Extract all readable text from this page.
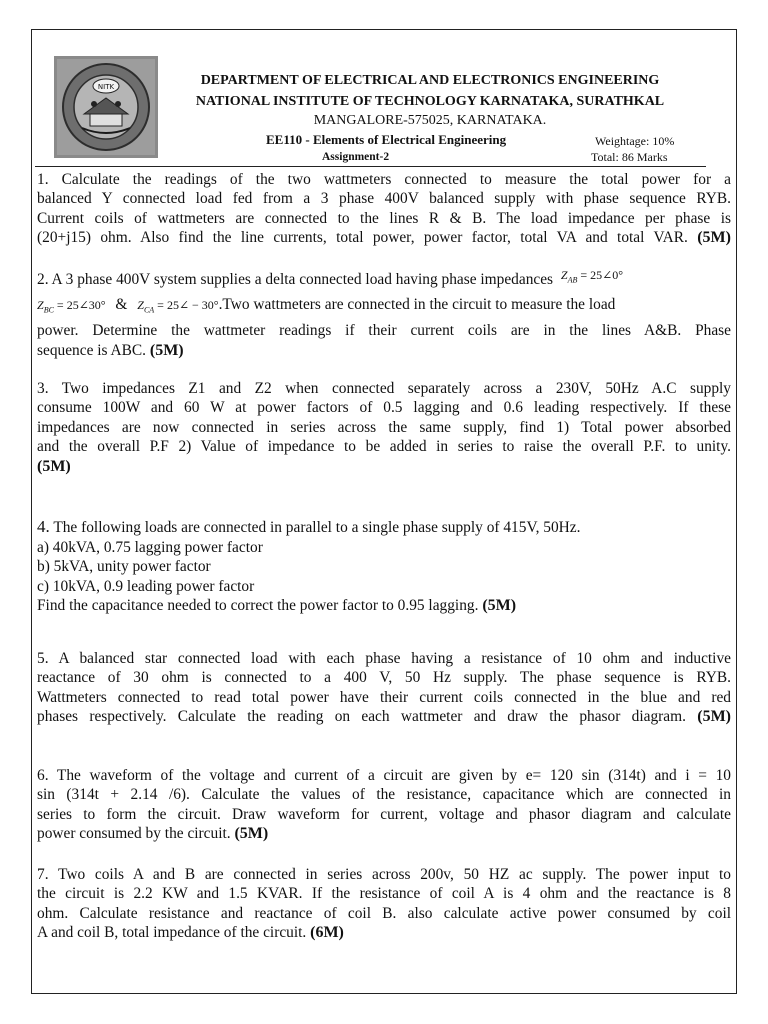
NITK	DEPARTMENT OF ELECTRICAL AND ELECTRONICS ENGINEERING
NATIONAL INSTITUTE OF TECHNOLOGY KARNATAKA, SURATHKAL
MANGALORE-575025, KARNATAKA.
EE110 - Elements of Electrical Engineering
Assignment-2
Weightage: 10%
Total: 86 Marks
1. Calculate the readings of the two wattmeters connected to measure the total power for a
balanced Y connected load fed from a 3 phase 400V balanced supply with phase sequence RYB.
Current coils of wattmeters are connected to the lines R & B. The load impedance per phase is
(20+j15) ohm. Also find the line currents, total power, power factor, total VA and total VAR. (5M)
2. A 3 phase 400V system supplies a delta connected load having phase impedances $^{Z_{AB} = 25\angle 0^\circ}$
$Z_{BC}$ = 25∠30° & $Z_{CA}$ = 25∠ − 30°.Two wattmeters are connected in the circuit to measure the load
power. Determine the wattmeter readings if their current coils are in the lines A&B. Phase
sequence is ABC. (5M)
3. Two impedances Z1 and Z2 when connected separately across a 230V, 50Hz A.C supply
consume 100W and 60 W at power factors of 0.5 lagging and 0.6 leading respectively. If these
impedances are now connected in series across the same supply, find 1) Total power absorbed
and the overall P.F 2) Value of impedance to be added in series to raise the overall P.F. to unity.
(5M)
4. The following loads are connected in parallel to a single phase supply of 415V, 50Hz.
a) 40kVA, 0.75 lagging power factor
b) 5kVA, unity power factor
c) 10kVA, 0.9 leading power factor
Find the capacitance needed to correct the power factor to 0.95 lagging. (5M)
5. A balanced star connected load with each phase having a resistance of 10 ohm and inductive
reactance of 30 ohm is connected to a 400 V, 50 Hz supply. The phase sequence is RYB.
Wattmeters connected to read total power have their current coils connected in the blue and red
phases respectively. Calculate the reading on each wattmeter and draw the phasor diagram. (5M)
6. The waveform of the voltage and current of a circuit are given by e= 120 sin (314t) and i = 10
sin (314t + 2.14 /6). Calculate the values of the resistance, capacitance which are connected in
series to form the circuit. Draw waveform for current, voltage and phasor diagram and calculate
power consumed by the circuit. (5M)
7. Two coils A and B are connected in series across 200v, 50 HZ ac supply. The power input to
the circuit is 2.2 KW and 1.5 KVAR. If the resistance of coil A is 4 ohm and the reactance is 8
ohm. Calculate resistance and reactance of coil B. also calculate active power consumed by coil
A and coil B, total impedance of the circuit. (6M)
